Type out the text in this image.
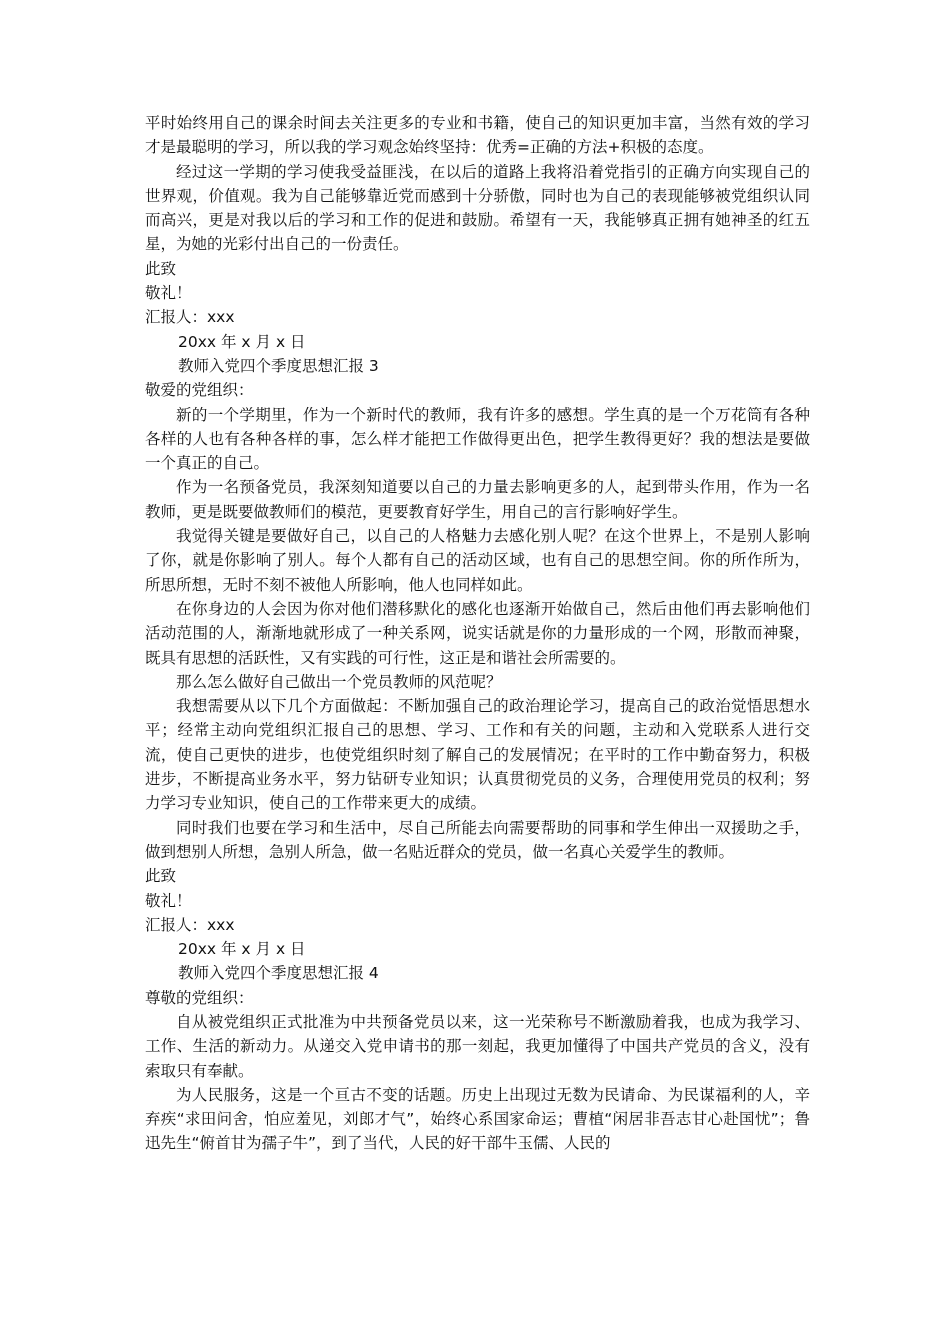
平时始终用自己的课余时间去关注更多的专业和书籍，使自己的知识更加丰富，当然有效的学习才是最聪明的学习，所以我的学习观念始终坚持：优秀=正确的方法+积极的态度。

经过这一学期的学习使我受益匪浅，在以后的道路上我将沿着党指引的正确方向实现自己的世界观，价值观。我为自己能够靠近党而感到十分骄傲，同时也为自己的表现能够被党组织认同而高兴，更是对我以后的学习和工作的促进和鼓励。希望有一天，我能够真正拥有她神圣的红五星，为她的光彩付出自己的一份责任。

此致

敬礼！

汇报人：xxx

20xx 年 x 月 x 日

教师入党四个季度思想汇报 3

敬爱的党组织：

新的一个学期里，作为一个新时代的教师，我有许多的感想。学生真的是一个万花筒有各种各样的人也有各种各样的事，怎么样才能把工作做得更出色，把学生教得更好？我的想法是要做一个真正的自己。

作为一名预备党员，我深刻知道要以自己的力量去影响更多的人，起到带头作用，作为一名教师，更是既要做教师们的模范，更要教育好学生，用自己的言行影响好学生。

我觉得关键是要做好自己，以自己的人格魅力去感化别人呢？在这个世界上，不是别人影响了你，就是你影响了别人。每个人都有自己的活动区域，也有自己的思想空间。你的所作所为，所思所想，无时不刻不被他人所影响，他人也同样如此。

在你身边的人会因为你对他们潜移默化的感化也逐渐开始做自己，然后由他们再去影响他们活动范围的人，渐渐地就形成了一种关系网，说实话就是你的力量形成的一个网，形散而神聚，既具有思想的活跃性，又有实践的可行性，这正是和谐社会所需要的。

那么怎么做好自己做出一个党员教师的风范呢？

我想需要从以下几个方面做起：不断加强自己的政治理论学习，提高自己的政治觉悟思想水平；经常主动向党组织汇报自己的思想、学习、工作和有关的问题，主动和入党联系人进行交流，使自己更快的进步，也使党组织时刻了解自己的发展情况；在平时的工作中勤奋努力，积极进步，不断提高业务水平，努力钻研专业知识；认真贯彻党员的义务，合理使用党员的权利；努力学习专业知识，使自己的工作带来更大的成绩。

同时我们也要在学习和生活中，尽自己所能去向需要帮助的同事和学生伸出一双援助之手，做到想别人所想，急别人所急，做一名贴近群众的党员，做一名真心关爱学生的教师。

此致

敬礼！

汇报人：xxx

20xx 年 x 月 x 日

教师入党四个季度思想汇报 4

尊敬的党组织：

自从被党组织正式批准为中共预备党员以来，这一光荣称号不断激励着我，也成为我学习、工作、生活的新动力。从递交入党申请书的那一刻起，我更加懂得了中国共产党员的含义，没有索取只有奉献。

为人民服务，这是一个亘古不变的话题。历史上出现过无数为民请命、为民谋福利的人，辛弃疾“求田问舍，怕应羞见，刘郎才气”，始终心系国家命运；曹植“闲居非吾志甘心赴国忧”；鲁迅先生“俯首甘为孺子牛”，到了当代，人民的好干部牛玉儒、人民的
